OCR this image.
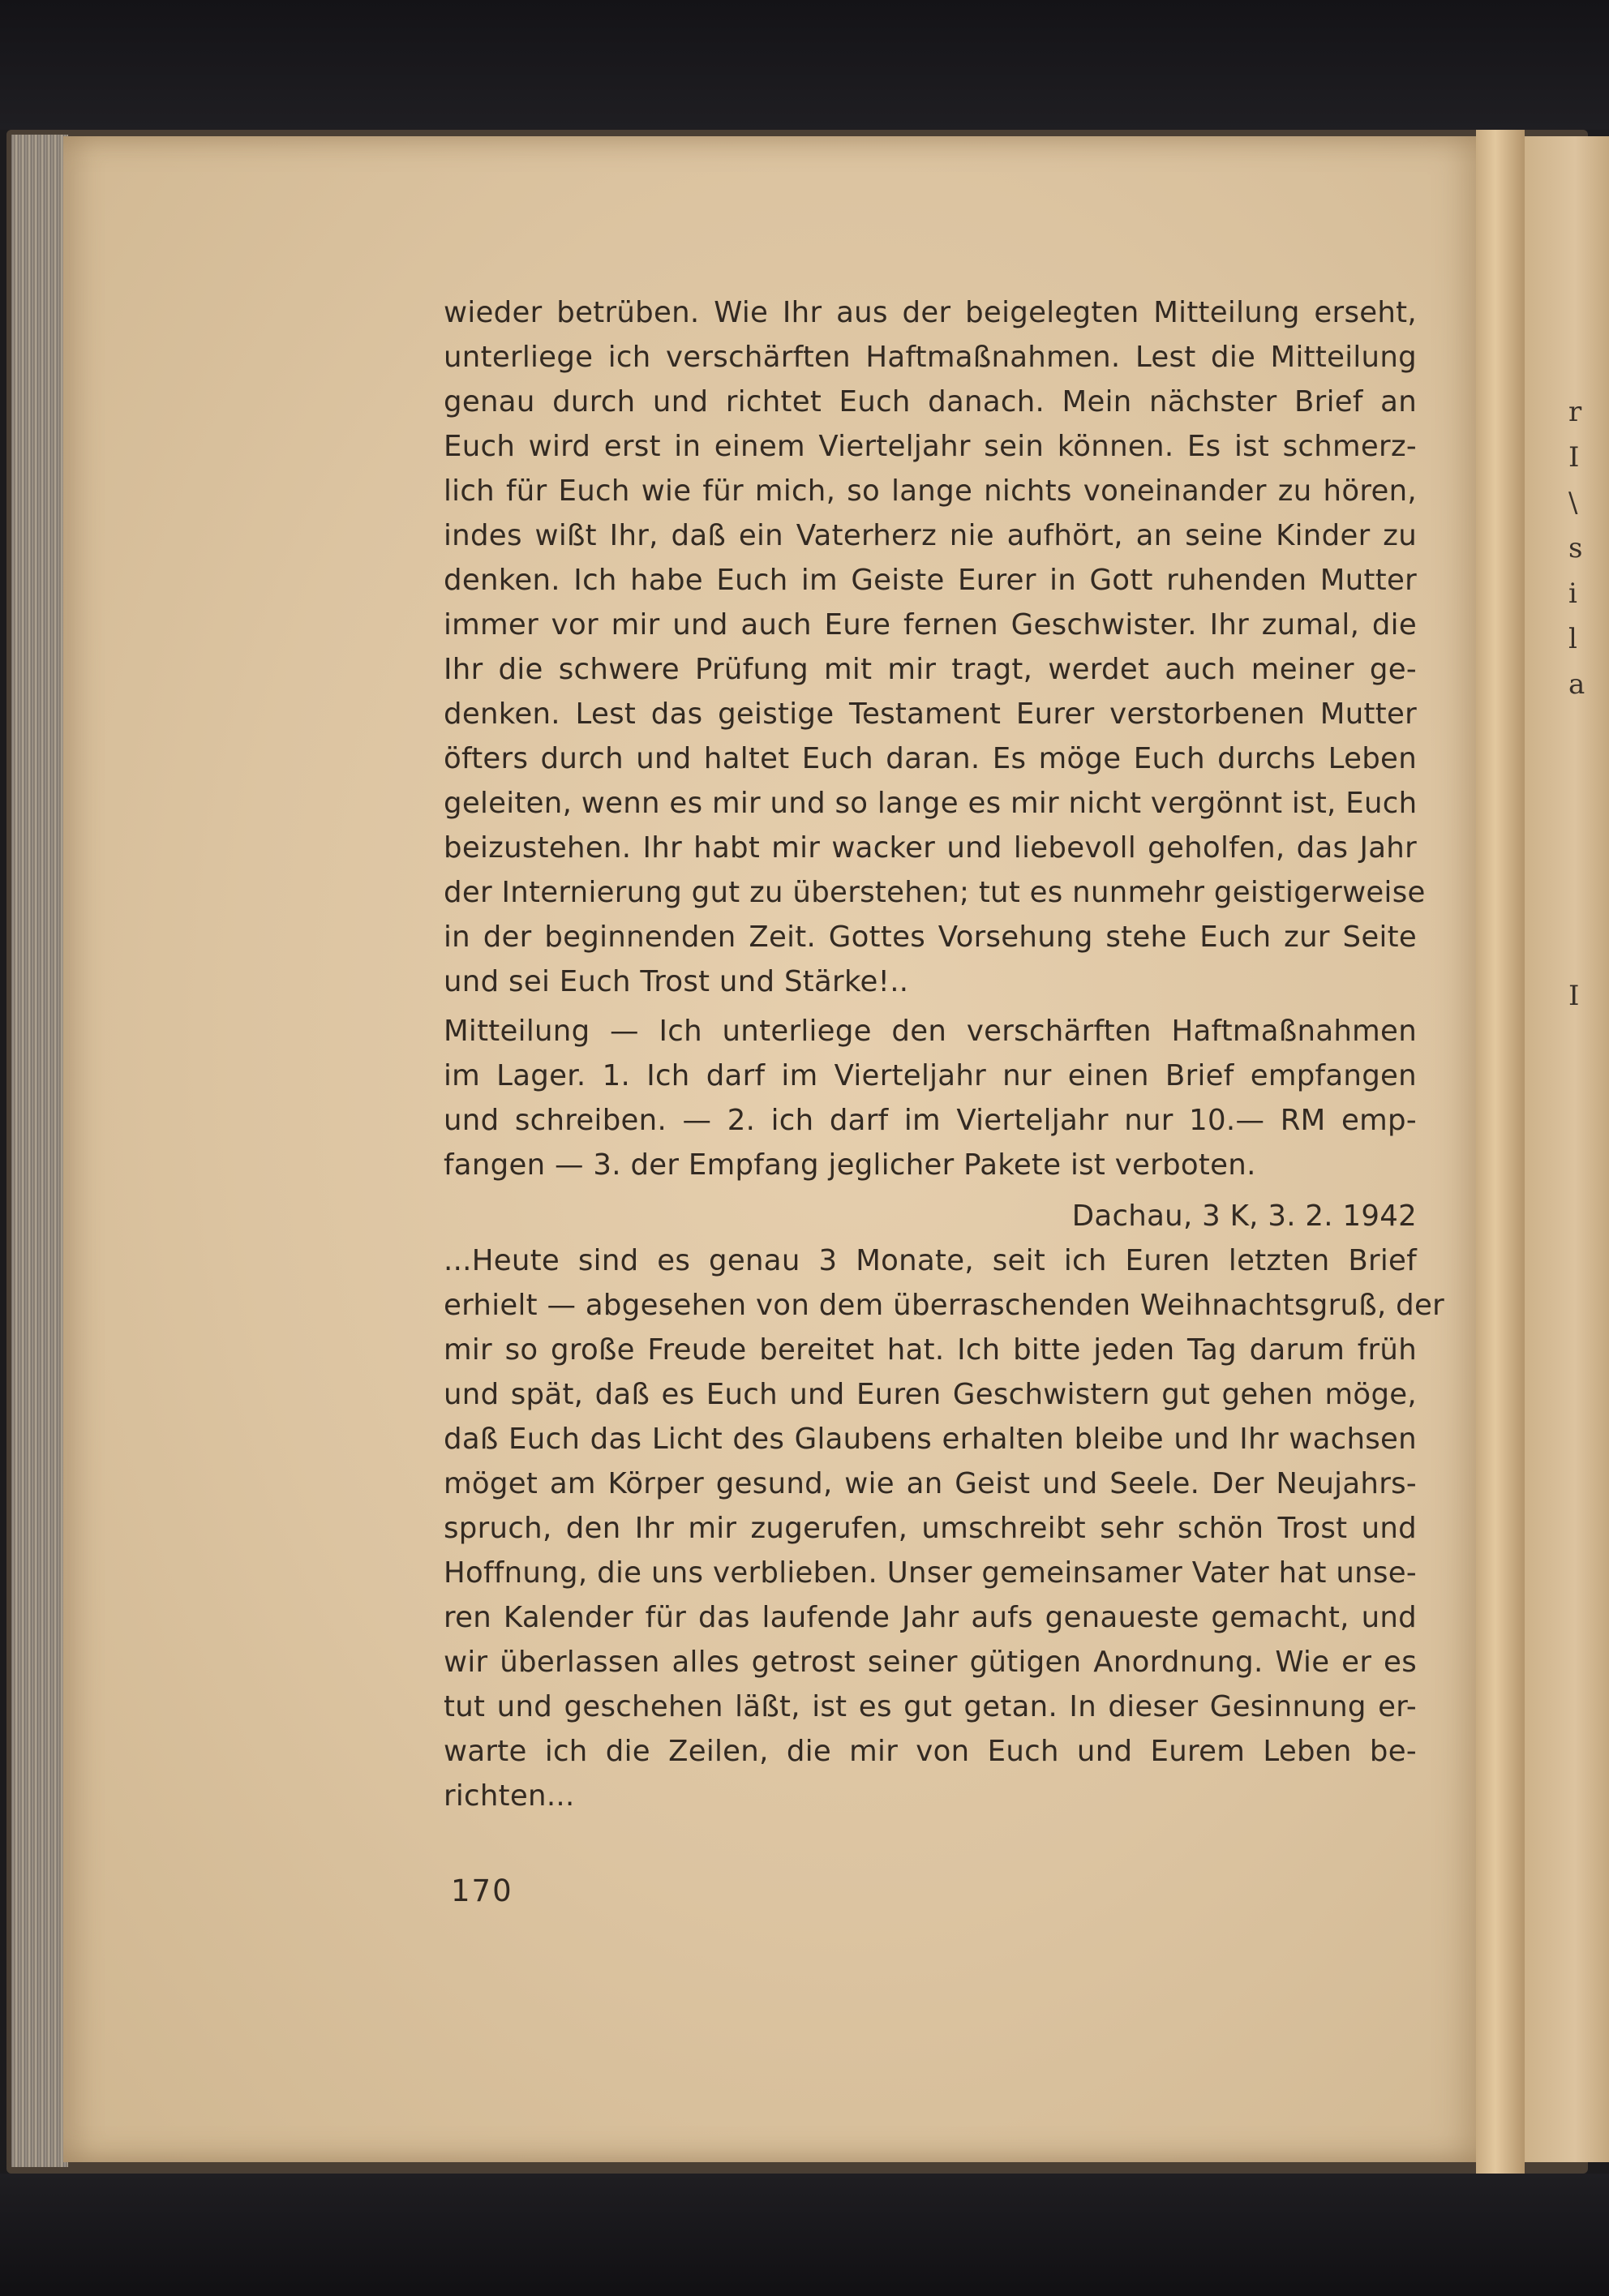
r
I
\
s
i
l
a
I
wieder betrüben. Wie Ihr aus der beigelegten Mitteilung erseht,
unterliege ich verschärften Haftmaßnahmen. Lest die Mitteilung
genau durch und richtet Euch danach. Mein nächster Brief an
Euch wird erst in einem Vierteljahr sein können. Es ist schmerz-
lich für Euch wie für mich, so lange nichts voneinander zu hören,
indes wißt Ihr, daß ein Vaterherz nie aufhört, an seine Kinder zu
denken. Ich habe Euch im Geiste Eurer in Gott ruhenden Mutter
immer vor mir und auch Eure fernen Geschwister. Ihr zumal, die
Ihr die schwere Prüfung mit mir tragt, werdet auch meiner ge-
denken. Lest das geistige Testament Eurer verstorbenen Mutter
öfters durch und haltet Euch daran. Es möge Euch durchs Leben
geleiten, wenn es mir und so lange es mir nicht vergönnt ist, Euch
beizustehen. Ihr habt mir wacker und liebevoll geholfen, das Jahr
der Internierung gut zu überstehen; tut es nunmehr geistigerweise
in der beginnenden Zeit. Gottes Vorsehung stehe Euch zur Seite
und sei Euch Trost und Stärke!..
Mitteilung — Ich unterliege den verschärften Haftmaßnahmen
im Lager. 1. Ich darf im Vierteljahr nur einen Brief empfangen
und schreiben. — 2. ich darf im Vierteljahr nur 10.— RM emp-
fangen — 3. der Empfang jeglicher Pakete ist verboten.
Dachau, 3 K, 3. 2. 1942
...Heute sind es genau 3 Monate, seit ich Euren letzten Brief
erhielt — abgesehen von dem überraschenden Weihnachtsgruß, der
mir so große Freude bereitet hat. Ich bitte jeden Tag darum früh
und spät, daß es Euch und Euren Geschwistern gut gehen möge,
daß Euch das Licht des Glaubens erhalten bleibe und Ihr wachsen
möget am Körper gesund, wie an Geist und Seele. Der Neujahrs-
spruch, den Ihr mir zugerufen, umschreibt sehr schön Trost und
Hoffnung, die uns verblieben. Unser gemeinsamer Vater hat unse-
ren Kalender für das laufende Jahr aufs genaueste gemacht, und
wir überlassen alles getrost seiner gütigen Anordnung. Wie er es
tut und geschehen läßt, ist es gut getan. In dieser Gesinnung er-
warte ich die Zeilen, die mir von Euch und Eurem Leben be-
richten...
170
